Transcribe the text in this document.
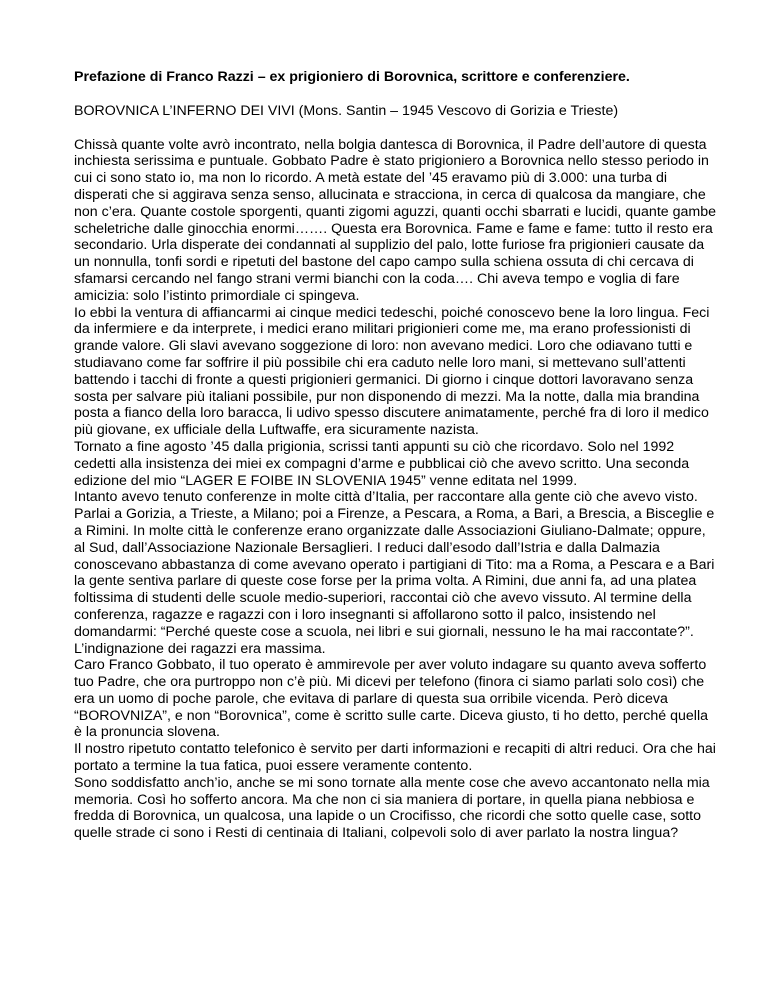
Prefazione di Franco Razzi – ex prigioniero di Borovnica, scrittore e conferenziere.
BOROVNICA L’INFERNO DEI VIVI (Mons. Santin – 1945 Vescovo di Gorizia e Trieste)

Chissà quante volte avrò incontrato, nella bolgia dantesca di Borovnica, il Padre dell’autore di questa inchiesta serissima e puntuale. Gobbato Padre è stato prigioniero a Borovnica nello stesso periodo in cui ci sono stato io, ma non lo ricordo. A metà estate del ’45 eravamo più di 3.000: una turba di disperati che si aggirava senza senso, allucinata e stracciona, in cerca di qualcosa da mangiare, che non c’era. Quante costole sporgenti, quanti zigomi aguzzi, quanti occhi sbarrati e lucidi, quante gambe scheletriche dalle ginocchia enormi……. Questa era Borovnica. Fame e fame e fame: tutto il resto era secondario. Urla disperate dei condannati al supplizio del palo, lotte furiose fra prigionieri causate da un nonnulla, tonfi sordi e ripetuti del bastone del capo campo sulla schiena ossuta di chi cercava di sfamarsi cercando nel fango strani vermi bianchi con la coda…. Chi aveva tempo e voglia di fare amicizia: solo l’istinto primordiale ci spingeva.

Io ebbi la ventura di affiancarmi ai cinque medici tedeschi, poiché conoscevo bene la loro lingua. Feci da infermiere e da interprete, i medici erano militari prigionieri come me, ma erano professionisti di grande valore. Gli slavi avevano soggezione di loro: non avevano medici. Loro che odiavano tutti e studiavano come far soffrire il più possibile chi era caduto nelle loro mani, si mettevano sull’attenti battendo i tacchi di fronte a questi prigionieri germanici. Di giorno i cinque dottori lavoravano senza sosta per salvare più italiani possibile, pur non disponendo di mezzi. Ma la notte, dalla mia brandina posta a fianco della loro baracca, li udivo spesso discutere animatamente, perché fra di loro il medico più giovane, ex ufficiale della Luftwaffe, era sicuramente nazista.

Tornato a fine agosto ’45 dalla prigionia, scrissi tanti appunti su ciò che ricordavo. Solo nel 1992 cedetti alla insistenza dei miei ex compagni d’arme e pubblicai ciò che avevo scritto. Una seconda edizione del mio “LAGER E FOIBE IN SLOVENIA 1945” venne editata nel 1999.

Intanto avevo tenuto conferenze in molte città d’Italia, per raccontare alla gente ciò che avevo visto. Parlai a Gorizia, a Trieste, a Milano; poi a Firenze, a Pescara, a Roma, a Bari, a Brescia, a Bisceglie e a Rimini. In molte città le conferenze erano organizzate dalle Associazioni Giuliano-Dalmate; oppure, al Sud, dall’Associazione Nazionale Bersaglieri. I reduci dall’esodo dall’Istria e dalla Dalmazia conoscevano abbastanza di come avevano operato i partigiani di Tito: ma a Roma, a Pescara e a Bari la gente sentiva parlare di queste cose forse per la prima volta. A Rimini, due anni fa, ad una platea foltissima di studenti delle scuole medio-superiori, raccontai ciò che avevo vissuto. Al termine della conferenza, ragazze e ragazzi con i loro insegnanti si affollarono sotto il palco, insistendo nel domandarmi: “Perché queste cose a scuola, nei libri e sui giornali, nessuno le ha mai raccontate?”. L’indignazione dei ragazzi era massima.

Caro Franco Gobbato, il tuo operato è ammirevole per aver voluto indagare su quanto aveva sofferto tuo Padre, che ora purtroppo non c’è più. Mi dicevi per telefono (finora ci siamo parlati solo così) che era un uomo di poche parole, che evitava di parlare di questa sua orribile vicenda. Però diceva “BOROVNIZA”, e non “Borovnica”, come è scritto sulle carte. Diceva giusto, ti ho detto, perché quella è la pronuncia slovena.

Il nostro ripetuto contatto telefonico è servito per darti informazioni e recapiti di altri reduci. Ora che hai portato a termine la tua fatica, puoi essere veramente contento.

Sono soddisfatto anch’io, anche se mi sono tornate alla mente cose che avevo accantonato nella mia memoria. Così ho sofferto ancora. Ma che non ci sia maniera di portare, in quella piana nebbiosa e fredda di Borovnica, un qualcosa, una lapide o un Crocifisso, che ricordi che sotto quelle case, sotto quelle strade ci sono i Resti di centinaia di Italiani, colpevoli solo di aver parlato la nostra lingua?
